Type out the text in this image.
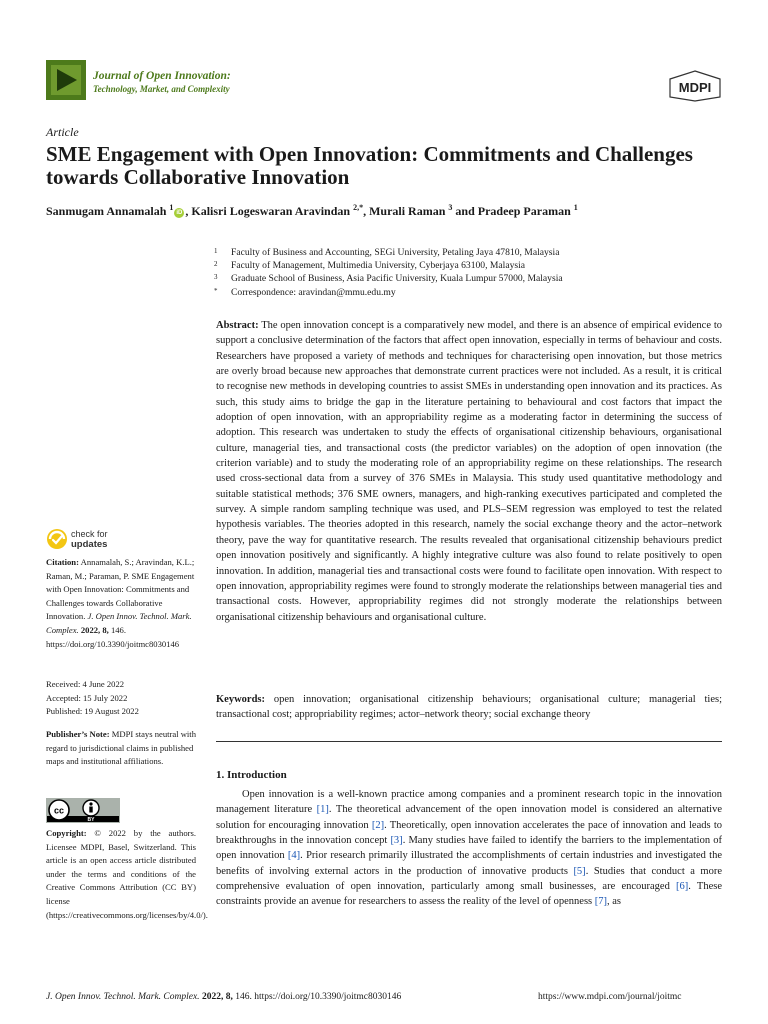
Journal of Open Innovation:
Technology, Market, and Complexity	MDPI
Article
SME Engagement with Open Innovation: Commitments and Challenges towards Collaborative Innovation
Sanmugam Annamalah $^1$iD , Kalisri Logeswaran Aravindan $^{2,*}$, Murali Raman $^3$ and Pradeep Paraman $^1$
1	Faculty of Business and Accounting, SEGi University, Petaling Jaya 47810, Malaysia
2	Faculty of Management, Multimedia University, Cyberjaya 63100, Malaysia
3	Graduate School of Business, Asia Pacific University, Kuala Lumpur 57000, Malaysia
*	Correspondence: aravindan@mmu.edu.my
Abstract: The open innovation concept is a comparatively new model, and there is an absence of empirical evidence to support a conclusive determination of the factors that affect open innovation, especially in terms of behaviour and costs. Researchers have proposed a variety of methods and techniques for characterising open innovation, but those metrics are overly broad because new approaches that demonstrate current practices were not included. As a result, it is critical to recognise new methods in developing countries to assist SMEs in understanding open innovation and its practices. As such, this study aims to bridge the gap in the literature pertaining to behavioural and cost factors that impact the adoption of open innovation, with an appropriability regime as a moderating factor in determining the success of adoption. This research was undertaken to study the effects of organisational citizenship behaviours, organisational culture, managerial ties, and transactional costs (the predictor variables) on the adoption of open innovation (the criterion variable) and to study the moderating role of an appropriability regime on these relationships. The research used cross-sectional data from a survey of 376 SMEs in Malaysia. This study used quantitative methodology and suitable statistical methods; 376 SME owners, managers, and high-ranking executives participated and completed the survey. A simple random sampling technique was used, and PLS–SEM regression was employed to test the related hypothesis variables. The theories adopted in this research, namely the social exchange theory and the actor–network theory, pave the way for quantitative research. The results revealed that organisational citizenship behaviours predict open innovation positively and significantly. A highly integrative culture was also found to relate positively to open innovation. In addition, managerial ties and transactional costs were found to facilitate open innovation. With respect to open innovation, appropriability regimes were found to strongly moderate the relationships between managerial ties and transactional costs. However, appropriability regimes did not strongly moderate the relationships between organisational citizenship behaviours and organisational culture.
Keywords: open innovation; organisational citizenship behaviours; organisational culture; managerial ties; transactional cost; appropriability regimes; actor–network theory; social exchange theory
1. Introduction
Open innovation is a well-known practice among companies and a prominent research topic in the innovation management literature [1]. The theoretical advancement of the open innovation model is considered an alternative solution for encouraging innovation [2]. Theoretically, open innovation accelerates the pace of innovation and leads to breakthroughs in the innovation concept [3]. Many studies have failed to identify the barriers to the implementation of open innovation [4]. Prior research primarily illustrated the accomplishments of certain industries and investigated the benefits of involving external actors in the production of innovative products [5]. Studies that conduct a more comprehensive evaluation of open innovation, particularly among small businesses, are encouraged [6]. These constraints provide an avenue for researchers to assess the reality of the level of openness [7], as
check for
updates
Citation: Annamalah, S.; Aravindan, K.L.; Raman, M.; Paraman, P. SME Engagement with Open Innovation: Commitments and Challenges towards Collaborative Innovation. J. Open Innov. Technol. Mark. Complex. 2022, 8, 146. https://doi.org/10.3390/joitmc8030146
Received: 4 June 2022
Accepted: 15 July 2022
Published: 19 August 2022
Publisher’s Note: MDPI stays neutral with regard to jurisdictional claims in published maps and institutional affiliations.
cc
BY
Copyright: © 2022 by the authors. Licensee MDPI, Basel, Switzerland. This article is an open access article distributed under the terms and conditions of the Creative Commons Attribution (CC BY) license (https://creativecommons.org/licenses/by/4.0/).
J. Open Innov. Technol. Mark. Complex. 2022, 8, 146. https://doi.org/10.3390/joitmc8030146	https://www.mdpi.com/journal/joitmc
